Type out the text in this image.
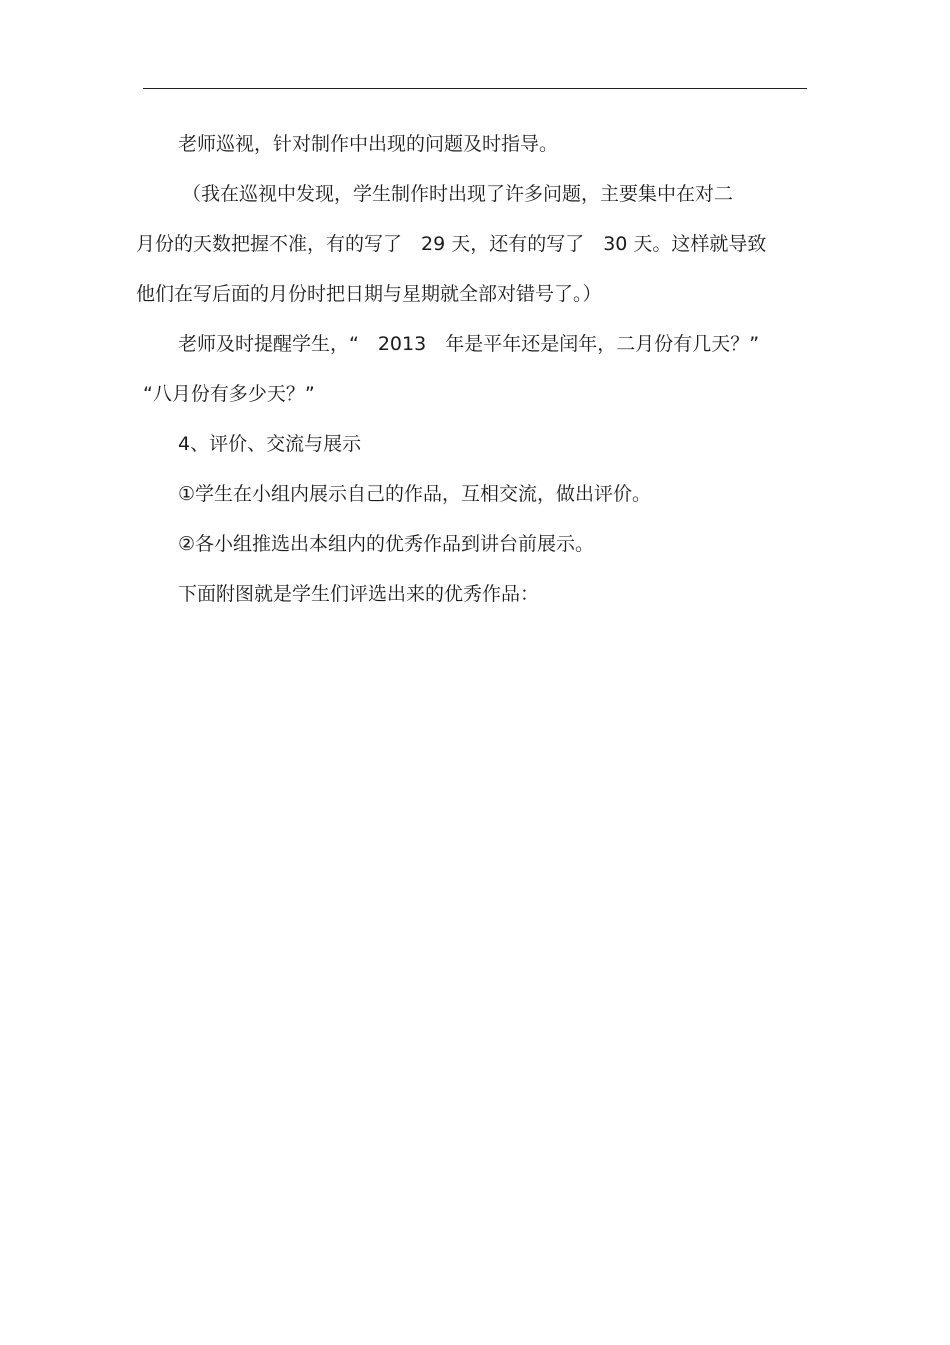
老师巡视，针对制作中出现的问题及时指导。

（我在巡视中发现，学生制作时出现了许多问题，主要集中在对二

月份的天数把握不准，有的写了　29 天，还有的写了　30 天。这样就导致

他们在写后面的月份时把日期与星期就全部对错号了。）

老师及时提醒学生，“　2013　年是平年还是闰年，二月份有几天？”

“八月份有多少天？”

4、评价、交流与展示

①学生在小组内展示自己的作品，互相交流，做出评价。

②各小组推选出本组内的优秀作品到讲台前展示。

下面附图就是学生们评选出来的优秀作品：
